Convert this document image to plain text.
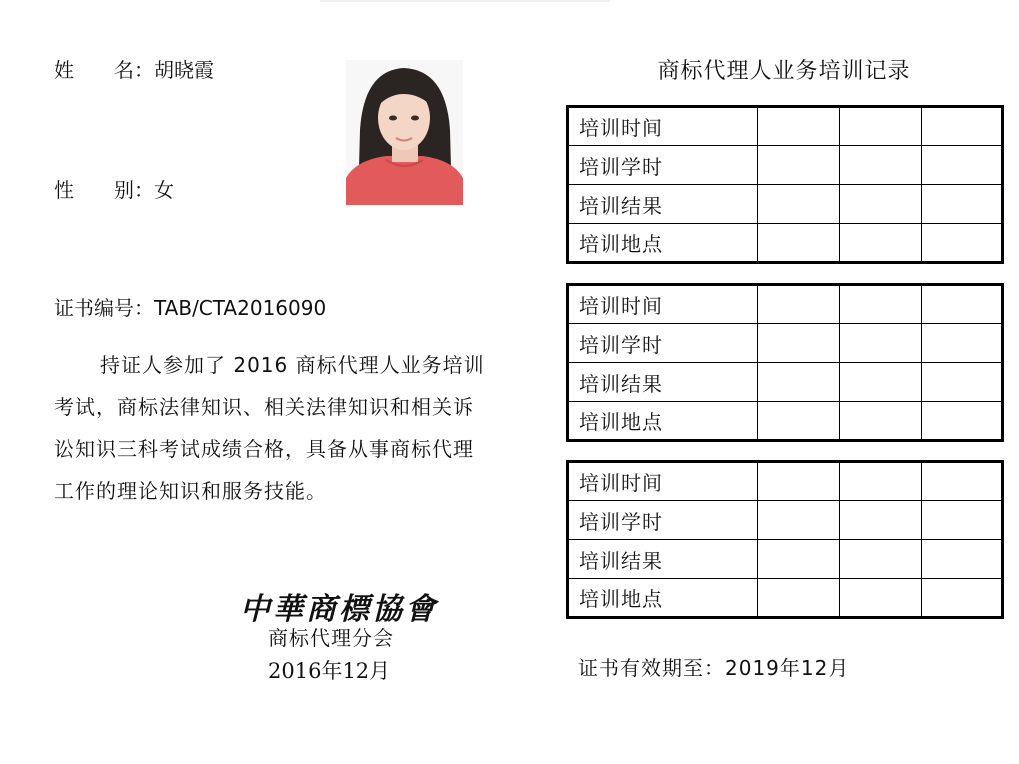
姓　　名：胡晓霞
性　　别：女
证书编号：TAB/CTA2016090
持证人参加了 2016 商标代理人业务培训考试，商标法律知识、相关法律知识和相关诉讼知识三科考试成绩合格，具备从事商标代理工作的理论知识和服务技能。
中華商標協會
商标代理分会
2016年12月
商标代理人业务培训记录
培训时间			
培训学时			
培训结果			
培训地点			
培训时间			
培训学时			
培训结果			
培训地点			
培训时间			
培训学时			
培训结果			
培训地点			
证书有效期至：2019年12月
